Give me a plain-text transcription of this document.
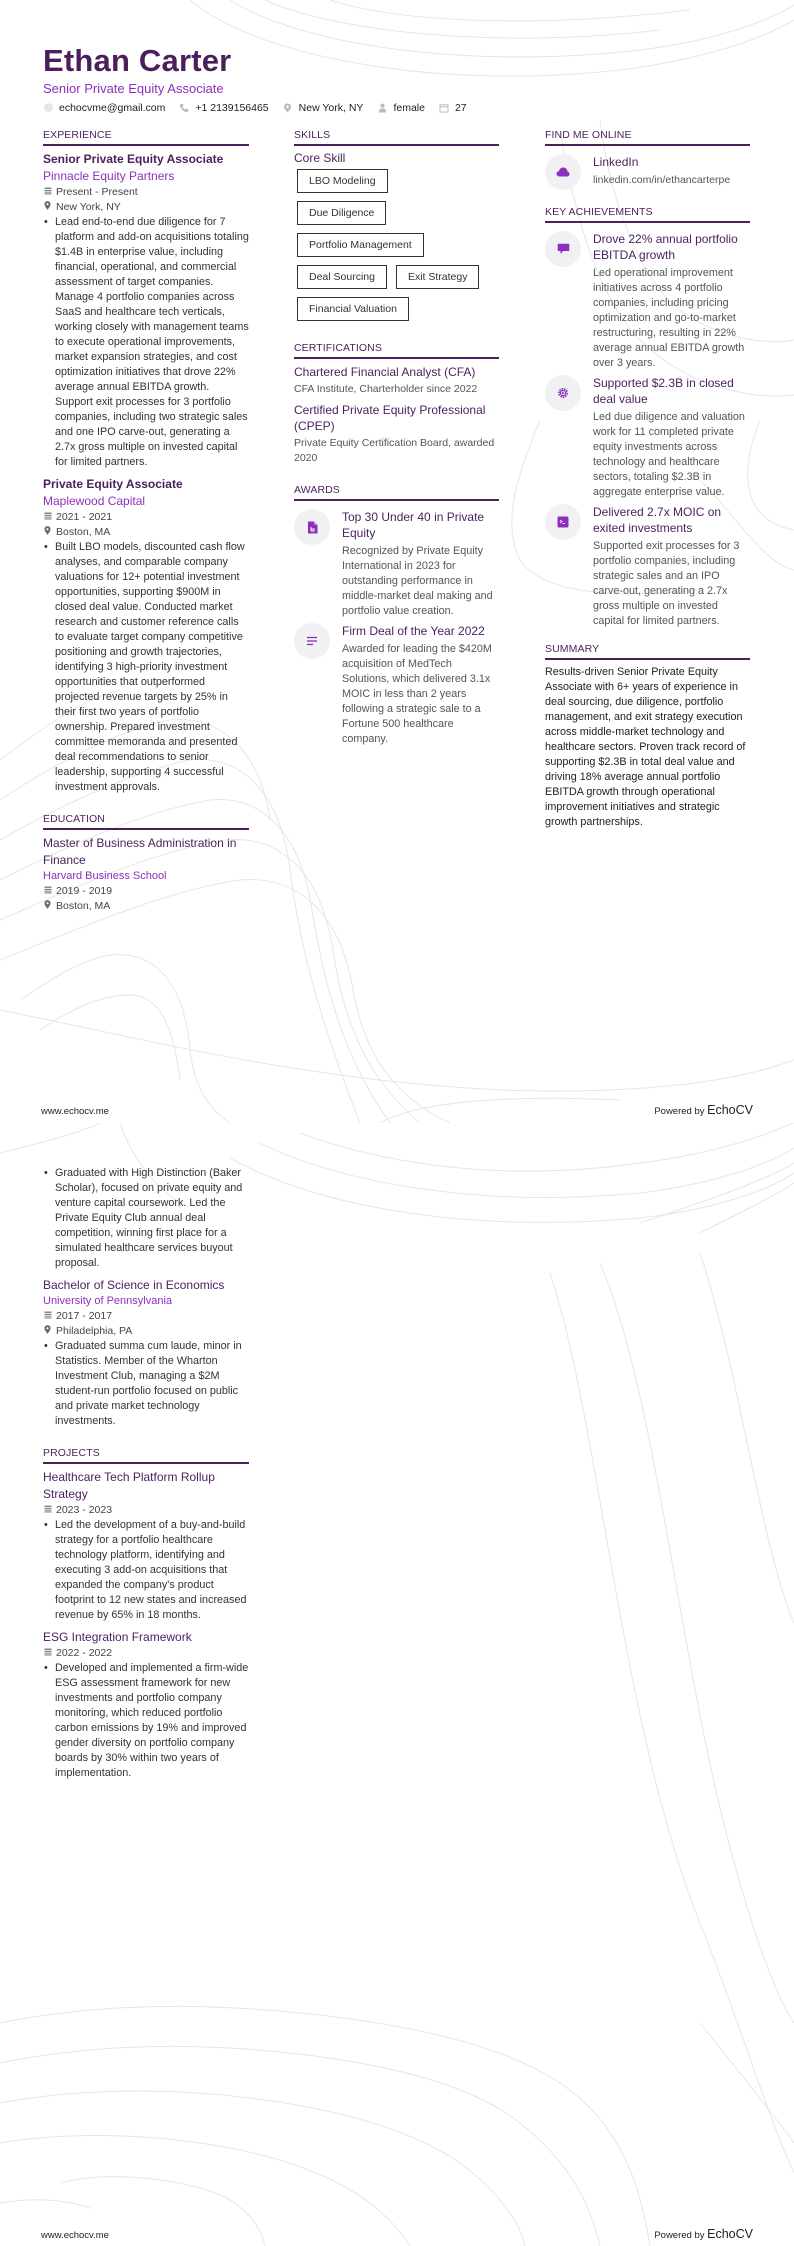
Ethan Carter
Senior Private Equity Associate
echocvme@gmail.com	+1 2139156465	New York, NY	female	27
EXPERIENCE
Senior Private Equity Associate
Pinnacle Equity Partners
Present - Present
New York, NY
• Lead end-to-end due diligence for 7 platform and add-on acquisitions totaling $1.4B in enterprise value, including financial, operational, and commercial assessment of target companies. Manage 4 portfolio companies across SaaS and healthcare tech verticals, working closely with management teams to execute operational improvements, market expansion strategies, and cost optimization initiatives that drove 22% average annual EBITDA growth. Support exit processes for 3 portfolio companies, including two strategic sales and one IPO carve-out, generating a 2.7x gross multiple on invested capital for limited partners.
Private Equity Associate
Maplewood Capital
2021 - 2021
Boston, MA
• Built LBO models, discounted cash flow analyses, and comparable company valuations for 12+ potential investment opportunities, supporting $900M in closed deal value. Conducted market research and customer reference calls to evaluate target company competitive positioning and growth trajectories, identifying 3 high-priority investment opportunities that outperformed projected revenue targets by 25% in their first two years of portfolio ownership. Prepared investment committee memoranda and presented deal recommendations to senior leadership, supporting 4 successful investment approvals.
EDUCATION
Master of Business Administration in Finance
Harvard Business School
2019 - 2019
Boston, MA
SKILLS
Core Skill
LBO Modeling
Due Diligence
Portfolio Management
Deal Sourcing	Exit Strategy
Financial Valuation
CERTIFICATIONS
Chartered Financial Analyst (CFA)
CFA Institute, Charterholder since 2022
Certified Private Equity Professional (CPEP)
Private Equity Certification Board, awarded 2020
AWARDS
Top 30 Under 40 in Private Equity
Recognized by Private Equity International in 2023 for outstanding performance in middle-market deal making and portfolio value creation.
Firm Deal of the Year 2022
Awarded for leading the $420M acquisition of MedTech Solutions, which delivered 3.1x MOIC in less than 2 years following a strategic sale to a Fortune 500 healthcare company.
FIND ME ONLINE
LinkedIn
linkedin.com/in/ethancarterpe
KEY ACHIEVEMENTS
Drove 22% annual portfolio EBITDA growth
Led operational improvement initiatives across 4 portfolio companies, including pricing optimization and go-to-market restructuring, resulting in 22% average annual EBITDA growth over 3 years.
Supported $2.3B in closed deal value
Led due diligence and valuation work for 11 completed private equity investments across technology and healthcare sectors, totaling $2.3B in aggregate enterprise value.
Delivered 2.7x MOIC on exited investments
Supported exit processes for 3 portfolio companies, including strategic sales and an IPO carve-out, generating a 2.7x gross multiple on invested capital for limited partners.
SUMMARY
Results-driven Senior Private Equity Associate with 6+ years of experience in deal sourcing, due diligence, portfolio management, and exit strategy execution across middle-market technology and healthcare sectors. Proven track record of supporting $2.3B in total deal value and driving 18% average annual portfolio EBITDA growth through operational improvement initiatives and strategic growth partnerships.
www.echocv.me	Powered by EchoCV
• Graduated with High Distinction (Baker Scholar), focused on private equity and venture capital coursework. Led the Private Equity Club annual deal competition, winning first place for a simulated healthcare services buyout proposal.
Bachelor of Science in Economics
University of Pennsylvania
2017 - 2017
Philadelphia, PA
• Graduated summa cum laude, minor in Statistics. Member of the Wharton Investment Club, managing a $2M student-run portfolio focused on public and private market technology investments.
PROJECTS
Healthcare Tech Platform Rollup Strategy
2023 - 2023
• Led the development of a buy-and-build strategy for a portfolio healthcare technology platform, identifying and executing 3 add-on acquisitions that expanded the company's product footprint to 12 new states and increased revenue by 65% in 18 months.
ESG Integration Framework
2022 - 2022
• Developed and implemented a firm-wide ESG assessment framework for new investments and portfolio company monitoring, which reduced portfolio carbon emissions by 19% and improved gender diversity on portfolio company boards by 30% within two years of implementation.
www.echocv.me	Powered by EchoCV
